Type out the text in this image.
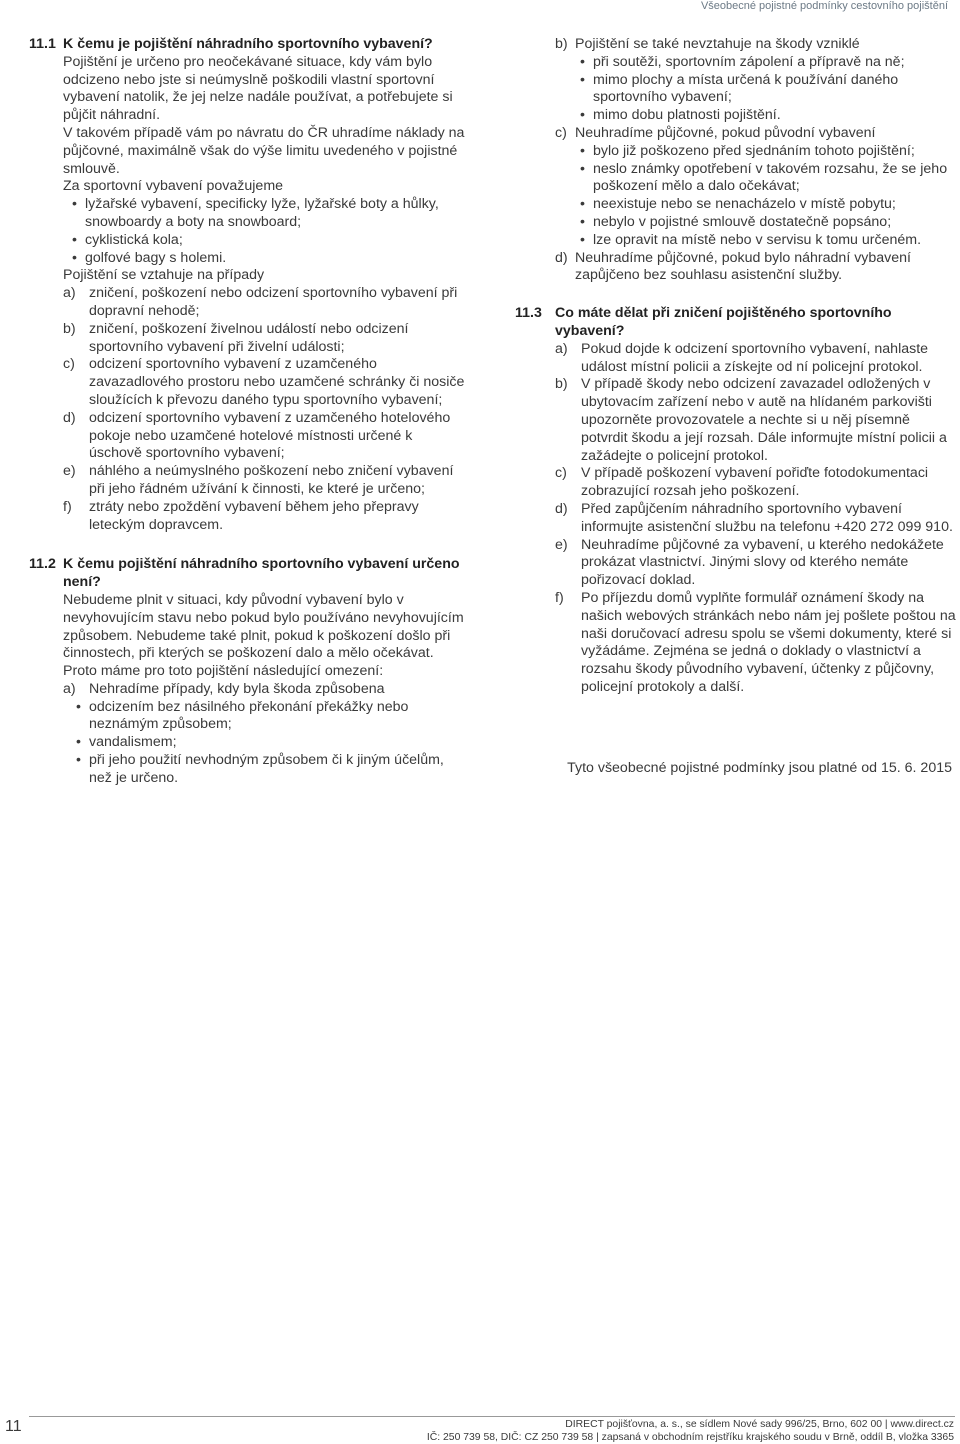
Všeobecné pojistné podmínky cestovního pojištění
11.1 K čemu je pojištění náhradního sportovního vybavení?

Pojištění je určeno pro neočekávané situace, kdy vám bylo odcizeno nebo jste si neúmyslně poškodili vlastní sportovní vybavení natolik, že jej nelze nadále používat, a potřebujete si půjčit náhradní.

V takovém případě vám po návratu do ČR uhradíme náklady na půjčovné, maximálně však do výše limitu uvedeného v pojistné smlouvě.

Za sportovní vybavení považujeme

• lyžařské vybavení, specificky lyže, lyžařské boty a hůlky, snowboardy a boty na snowboard;
• cyklistická kola;
• golfové bagy s holemi.

Pojištění se vztahuje na případy

a) zničení, poškození nebo odcizení sportovního vybavení při dopravní nehodě;
b) zničení, poškození živelnou událostí nebo odcizení sportovního vybavení při živelní události;
c) odcizení sportovního vybavení z uzamčeného zavazadlového prostoru nebo uzamčené schránky či nosiče sloužících k převozu daného typu sportovního vybavení;
d) odcizení sportovního vybavení z uzamčeného hotelového pokoje nebo uzamčené hotelové místnosti určené k úschově sportovního vybavení;
e) náhlého a neúmyslného poškození nebo zničení vybavení při jeho řádném užívání k činnosti, ke které je určeno;
f)	ztráty nebo zpoždění vybavení během jeho přepravy leteckým dopravcem.
11.2 K čemu pojištění náhradního sportovního vybavení určeno není?

Nebudeme plnit v situaci, kdy původní vybavení bylo v nevyhovujícím stavu nebo pokud bylo používáno nevyhovujícím způsobem. Nebudeme také plnit, pokud k poškození došlo při činnostech, při kterých se poškození dalo a mělo očekávat. Proto máme pro toto pojištění následující omezení:

a) Nehradíme případy, kdy byla škoda způsobena
• odcizením bez násilného překonání překážky nebo neznámým způsobem;
• vandalismem;
• při jeho použití nevhodným způsobem či k jiným účelům, než je určeno.
b) Pojištění se také nevztahuje na škody vzniklé
• při soutěži, sportovním zápolení a přípravě na ně;
• mimo plochy a místa určená k používání daného sportovního vybavení;
• mimo dobu platnosti pojištění.
c) Neuhradíme půjčovné, pokud původní vybavení
• bylo již poškozeno před sjednáním tohoto pojištění;
• neslo známky opotřebení v takovém rozsahu, že se jeho poškození mělo a dalo očekávat;
• neexistuje nebo se nenacházelo v místě pobytu;
• nebylo v pojistné smlouvě dostatečně popsáno;
• lze opravit na místě nebo v servisu k tomu určeném.
d) Neuhradíme půjčovné, pokud bylo náhradní vybavení zapůjčeno bez souhlasu asistenční služby.
11.3 Co máte dělat při zničení pojištěného sportovního vybavení?
a) Pokud dojde k odcizení sportovního vybavení, nahlaste událost místní policii a získejte od ní policejní protokol.
b) V případě škody nebo odcizení zavazadel odložených v ubytovacím zařízení nebo v autě na hlídaném parkovišti upozorněte provozovatele a nechte si u něj písemně potvrdit škodu a její rozsah. Dále informujte místní policii a zažádejte o policejní protokol.
c) V případě poškození vybavení pořiďte fotodokumentaci zobrazující rozsah jeho poškození.
d) Před zapůjčením náhradního sportovního vybavení informujte asistenční službu na telefonu +420 272 099 910.
e) Neuhradíme půjčovné za vybavení, u kterého nedokážete prokázat vlastnictví. Jinými slovy od kterého nemáte pořizovací doklad.
f)	Po příjezdu domů vyplňte formulář oznámení škody na našich webových stránkách nebo nám jej pošlete poštou na naši doručovací adresu spolu se všemi dokumenty, které si vyžádáme. Zejména se jedná o doklady o vlastnictví a rozsahu škody původního vybavení, účtenky z půjčovny, policejní protokoly a další.
Tyto všeobecné pojistné podmínky jsou platné od 15. 6. 2015
11	DIRECT pojišťovna, a. s., se sídlem Nové sady 996/25, Brno, 602 00 | www.direct.cz
IČ: 250 739 58, DIČ: CZ 250 739 58 | zapsaná v obchodním rejstříku krajského soudu v Brně, oddíl B, vložka 3365
